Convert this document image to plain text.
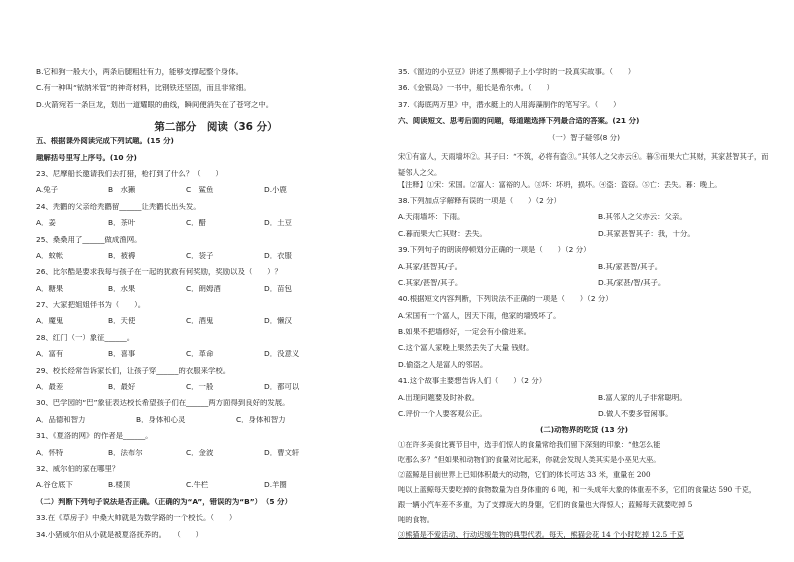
B.它和狗一般大小，两条后腿粗壮有力，能够支撑起整个身体。
C.有一种叫“铱纳米管”的神奇材料，比钢铁还坚固，而且非常细。
D.火箭宛若一条巨龙，划出一道耀眼的曲线，瞬间便消失在了苍穹之中。
第二部分　阅读（36 分）
五、根据课外阅读完成下列试题。(15 分)
题解括号里写上序号。(10 分)
23、尼摩船长邀请我们去打猎，枪打到了什么？（　　）
A.兔子	B　水獭	C　鲨鱼	D.小鹿
24、秃鹳的父亲给秃鹳留______让秃鹳长出头发。
A．姜	B．茶叶	C．醋	D．土豆
25、桑桑用了______做成渔网。
A．蚊帐	B．被褥	C．袋子	D．衣服
26、比尔酷是要求我每与孩子在一起的犹救有何奖励，奖励以及（　　）？
A．糖果	B．水果	C．朗姆酒	D．苗包
27、大家把姐姐伴书为（　　）。
A．魔鬼	B．天使	C．酒鬼	D．懒汉
28、红门（一）象征______。
A．富有	B．喜事	C．革命	D．没意义
29、校长经常告诉家长们，让孩子穿______的衣服来学校。
A．最差	B．最好	C．一般	D．都可以
30、巴学园的“巴”象征表达校长希望孩子们在______两方面得到良好的发展。
A．品德和智力	B．身体和心灵	C．身体和智力
31、《夏洛的网》的作者是______。
A．怀特	B．法布尔	C．金波	D．曹文轩
32、威尔伯的家在哪里？
A.谷仓底下	B.楼顶	C.牛栏	D.羊圈
（二）判断下列句子说法是否正确。（正确的为“A”，错误的为“B”）　（5 分）
33.在《草房子》中桑大帅就是为数学路的一个校长。（　　）
34.小猪威尔伯从小就是被夏洛抚养的。　　（　　）
35.《窗边的小豆豆》讲述了黑柳彻子上小学时的一段真实故事。（　　）
36.《金银岛》一书中，船长是希尔弗。（　　）
37.《海底两万里》中，潜水艇上的人用海藻制作的笔写字。（　　）
六、阅读短文、思考后面的问题，每道题选择下列最合适的答案。(21 分)
（一）智子疑邻(8 分)
宋①有富人，天雨墙坏②。其子曰：“不筑，必将有盗③。”其邻人之父亦云④。暮⑤而果大亡其财，其家甚智其子，而疑邻人之父。
【注释】①宋：宋国。②富人：富裕的人。③坏：坏坍，损坏。④盗：盗窃。⑤亡：丢失。暮：晚上。
38.下列加点字解释有误的一项是（　　）（2 分）
A.天雨墙坏：下雨。	B.其邻人之父亦云：父亲。
C.暮而果大亡其财：丢失。	D.其家甚智其子：我，十分。
39.下列句子的朗读停顿划分正确的一项是（　　）（2 分）
A.其家/甚智其/子。	B.其/家甚智/其子。
C.其家/甚智/其子。	D.其/家甚/智/其子。
40.根据短文内容判断，下列说法不正确的一项是（　　）（2 分）
A.宋国有一个富人，因天下雨，他家的墙毁坏了。
B.如果不把墙修好，一定会有小偷进来。
C.这个富人家晚上果然丢失了大量 钱财。
D.偷盗之人是富人的邻居。
41.这个故事主要想告诉人们（　　）（2 分）
A.出现问题要及时补救。	B.富人家的儿子非常聪明。
C.评价一个人要客观公正。	D.做人不要多管闲事。
(二)动物界的吃货 (13 分)
①在许多美食比赛节目中，选手们惊人的食量常给我们留下深刻的印象：“他怎么能
吃那么多？”但如果和动物们的食量对比起来，你就会发现人类其实是小巫见大巫。
②蓝鲸是目前世界上已知体积最大的动物，它们的体长可达 33 米，重量在 200
吨以上蓝鲸每天要吃掉的食物数量为自身体重的 6 吨，和一头成年大象的体重差不多，它们的食量达 590 千克，
跟一辆小汽车差不多重，为了支撑庞大的身躯，它们的食量也大得惊人；蓝鲸每天就要吃掉 5
吨的食物。
③熊猫是不爱活动、行动迟缓生物的典型代表。每天，熊猫会花 14 个小时吃掉 12.5 千克
